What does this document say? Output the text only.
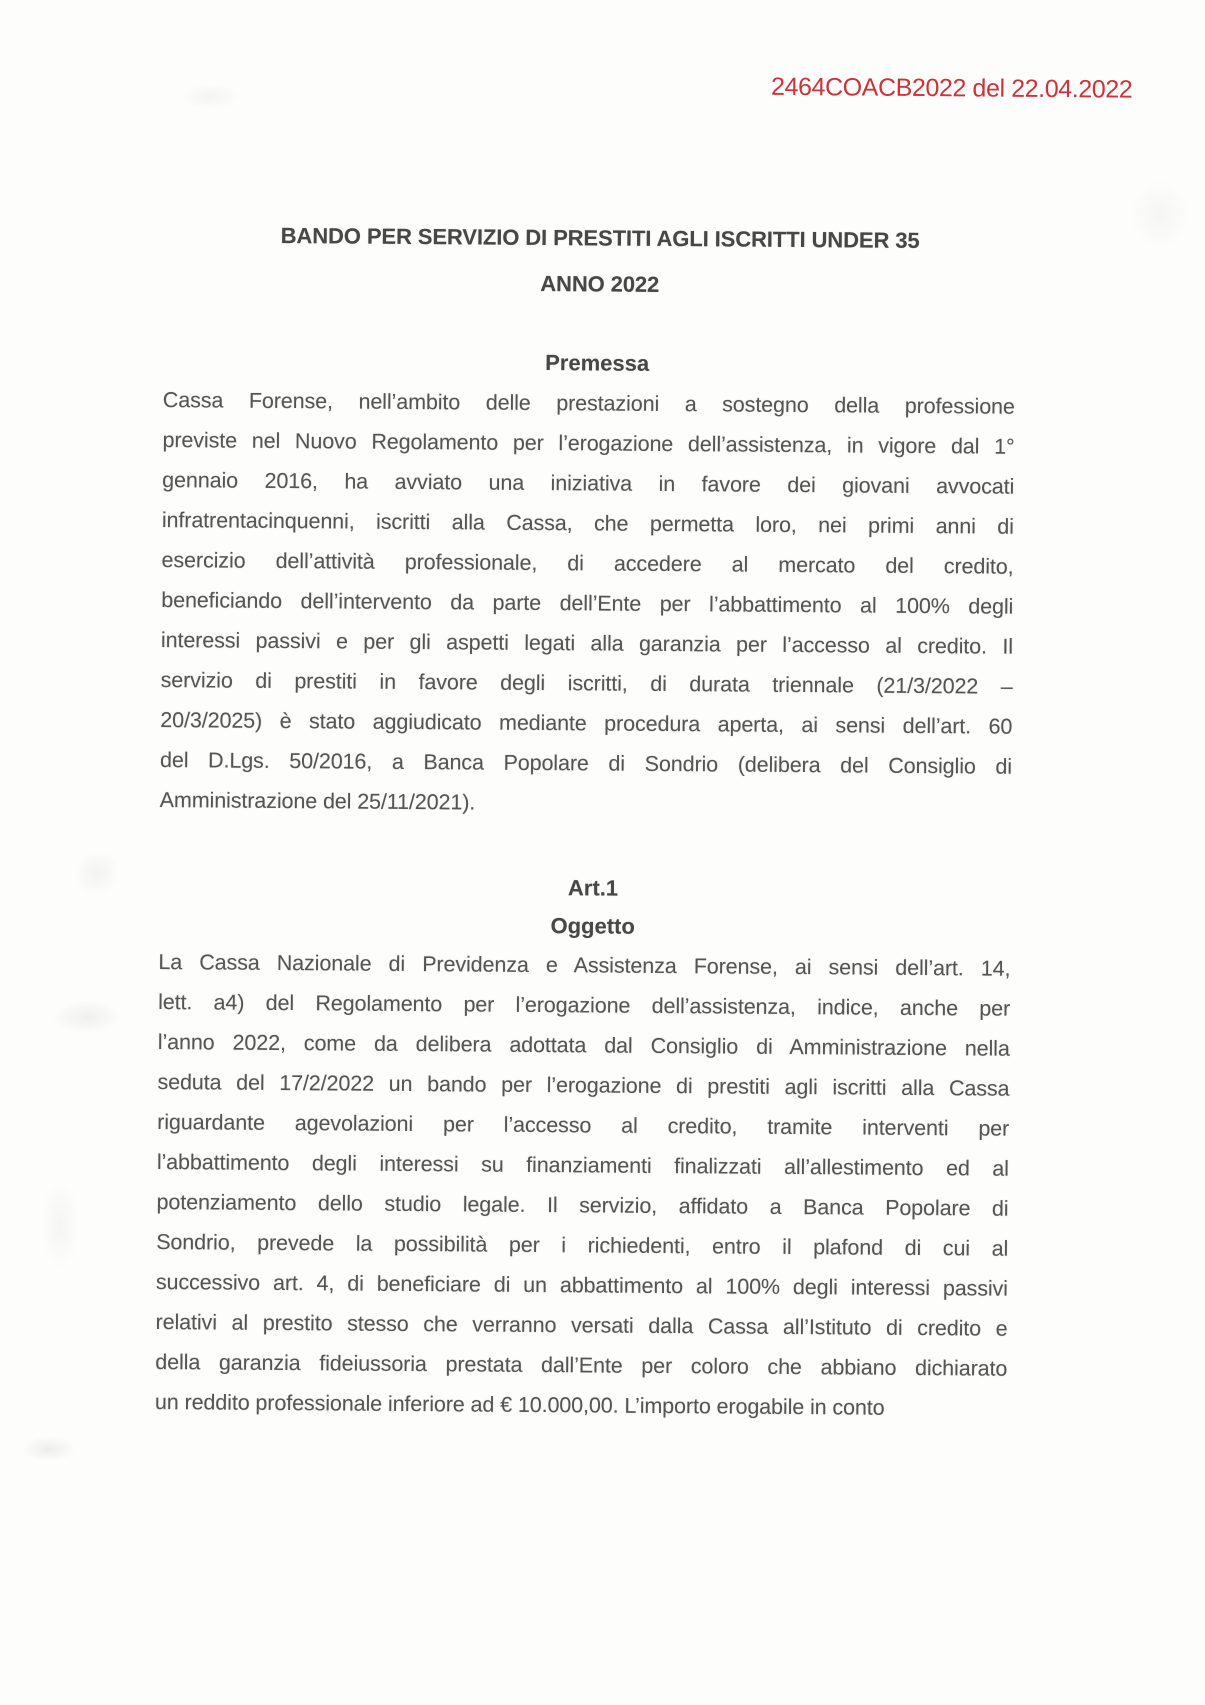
2464COACB2022 del 22.04.2022
BANDO PER SERVIZIO DI PRESTITI AGLI ISCRITTI UNDER 35
ANNO 2022
Premessa
Cassa Forense, nell’ambito delle prestazioni a sostegno della professione
previste nel Nuovo Regolamento per l’erogazione dell’assistenza, in vigore dal 1°
gennaio 2016, ha avviato una iniziativa in favore dei giovani avvocati
infratrentacinquenni, iscritti alla Cassa, che permetta loro, nei primi anni di
esercizio dell’attività professionale, di accedere al mercato del credito,
beneficiando dell’intervento da parte dell’Ente per l’abbattimento al 100% degli
interessi passivi e per gli aspetti legati alla garanzia per l’accesso al credito. Il
servizio di prestiti in favore degli iscritti, di durata triennale (21/3/2022 –
20/3/2025) è stato aggiudicato mediante procedura aperta, ai sensi dell’art. 60
del D.Lgs. 50/2016, a Banca Popolare di Sondrio (delibera del Consiglio di
Amministrazione del 25/11/2021).
Art.1
Oggetto
La Cassa Nazionale di Previdenza e Assistenza Forense, ai sensi dell’art. 14,
lett. a4) del Regolamento per l’erogazione dell’assistenza, indice, anche per
l’anno 2022, come da delibera adottata dal Consiglio di Amministrazione nella
seduta del 17/2/2022 un bando per l’erogazione di prestiti agli iscritti alla Cassa
riguardante agevolazioni per l’accesso al credito, tramite interventi per
l’abbattimento degli interessi su finanziamenti finalizzati all’allestimento ed al
potenziamento dello studio legale. Il servizio, affidato a Banca Popolare di
Sondrio, prevede la possibilità per i richiedenti, entro il plafond di cui al
successivo art. 4, di beneficiare di un abbattimento al 100% degli interessi passivi
relativi al prestito stesso che verranno versati dalla Cassa all’Istituto di credito e
della garanzia fideiussoria prestata dall’Ente per coloro che abbiano dichiarato
un reddito professionale inferiore ad € 10.000,00. L’importo erogabile in conto
